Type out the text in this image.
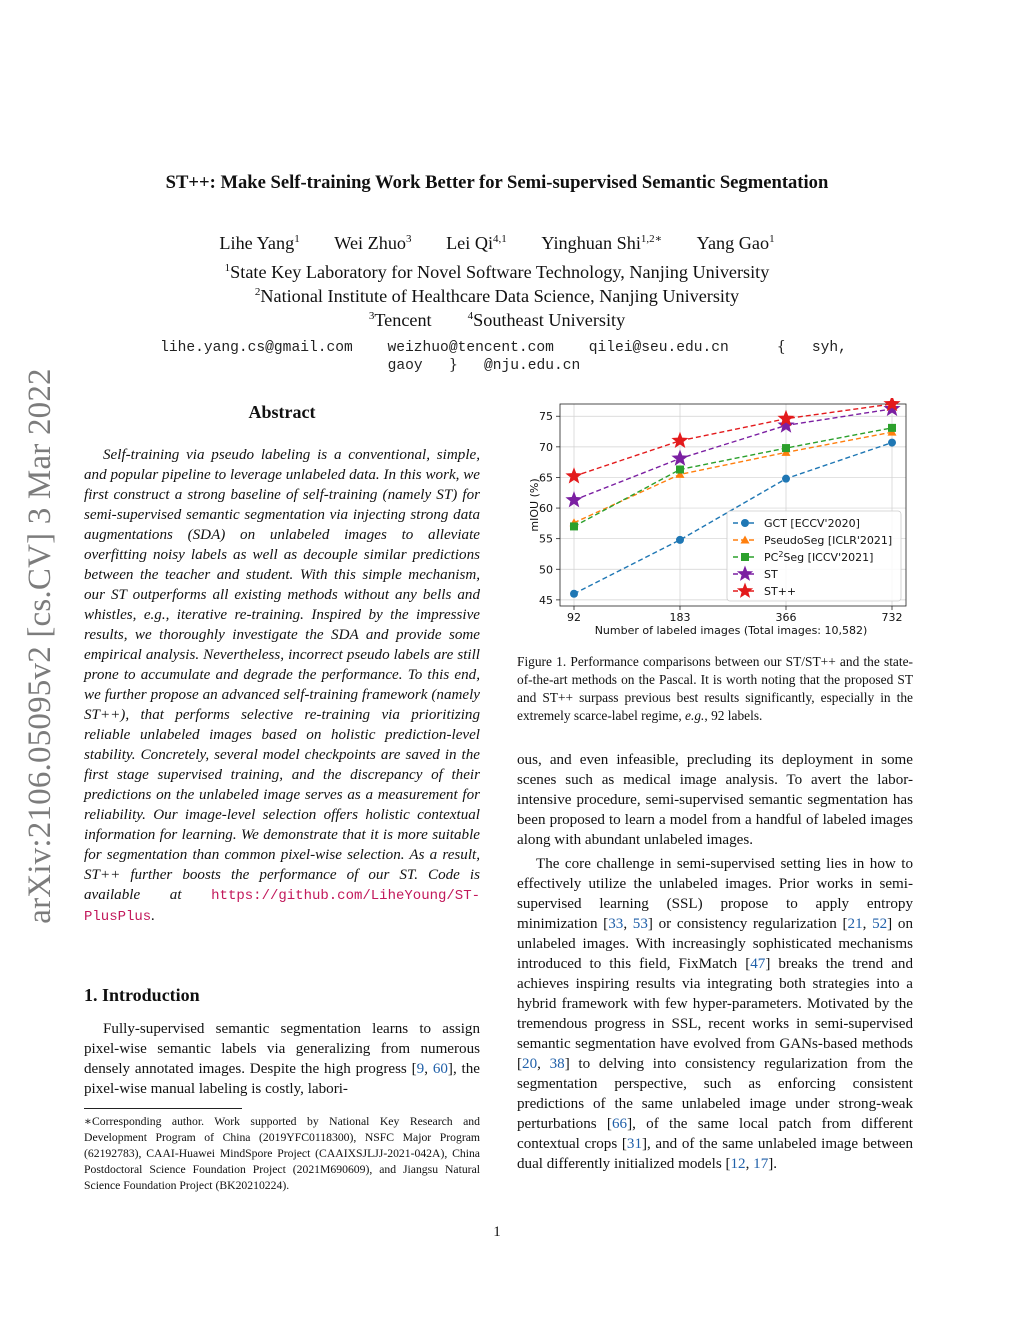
arXiv:2106.05095v2 [cs.CV] 3 Mar 2022
ST++: Make Self-training Work Better for Semi-supervised Semantic Segmentation
Lihe Yang$^1$ Wei Zhuo$^3$ Lei Qi$^{4,1}$ Yinghuan Shi$^{1,2∗}$ Yang Gao$^1$
$^1$State Key Laboratory for Novel Software Technology, Nanjing University
$^2$National Institute of Healthcare Data Science, Nanjing University
$^3$Tencent	$^4$Southeast University
lihe.yang.cs@gmail.com weizhuo@tencent.com qilei@seu.edu.cn	{ syh, gaoy } @nju.edu.cn
Abstract

Self-training via pseudo labeling is a conventional, simple, and popular pipeline to leverage unlabeled data. In this work, we first construct a strong baseline of self-training (namely ST) for semi-supervised semantic segmentation via injecting strong data augmentations (SDA) on unlabeled images to alleviate overfitting noisy labels as well as decouple similar predictions between the teacher and student. With this simple mechanism, our ST outperforms all existing methods without any bells and whistles, e.g., iterative re-training. Inspired by the impressive results, we thoroughly investigate the SDA and provide some empirical analysis. Nevertheless, incorrect pseudo labels are still prone to accumulate and degrade the performance. To this end, we further propose an advanced self-training framework (namely ST++), that performs selective re-training via prioritizing reliable unlabeled images based on holistic prediction-level stability. Concretely, several model checkpoints are saved in the first stage supervised training, and the discrepancy of their predictions on the unlabeled image serves as a measurement for reliability. Our image-level selection offers holistic contextual information for learning. We demonstrate that it is more suitable for segmentation than common pixel-wise selection. As a result, ST++ further boosts the performance of our ST. Code is available at https://github.com/LiheYoung/ST-PlusPlus.

1. Introduction

Fully-supervised semantic segmentation learns to assign pixel-wise semantic labels via generalizing from numerous densely annotated images. Despite the high progress [9, 60], the pixel-wise manual labeling is costly, labori-

∗Corresponding author. Work supported by National Key Research and Development Program of China (2019YFC0118300), NSFC Major Program (62192783), CAAI-Huawei MindSpore Project (CAAIXSJLJJ-2021-042A), China Postdoctoral Science Foundation Project (2021M690609), and Jiangsu Natural Science Foundation Project (BK20210224).
45
50
55
60
65
70
75
92	183	366	732
Number of labeled images (Total images: 10,582)
mIOU (%)	GCT [ECCV'2020]
PseudoSeg [ICLR'2021]
$PC^2Seg$ [ICCV'2021]
ST
ST++
Figure 1. Performance comparisons between our ST/ST++ and the state-of-the-art methods on the Pascal. It is worth noting that the proposed ST and ST++ surpass previous best results significantly, especially in the extremely scarce-label regime, e.g., 92 labels.

ous, and even infeasible, precluding its deployment in some scenes such as medical image analysis. To avert the labor-intensive procedure, semi-supervised semantic segmentation has been proposed to learn a model from a handful of labeled images along with abundant unlabeled images.

The core challenge in semi-supervised setting lies in how to effectively utilize the unlabeled images. Prior works in semi-supervised learning (SSL) propose to apply entropy minimization [33, 53] or consistency regularization [21, 52] on unlabeled images. With increasingly sophisticated mechanisms introduced to this field, FixMatch [47] breaks the trend and achieves inspiring results via integrating both strategies into a hybrid framework with few hyper-parameters. Motivated by the tremendous progress in SSL, recent works in semi-supervised semantic segmentation have evolved from GANs-based methods [20, 38] to delving into consistency regularization from the segmentation perspective, such as enforcing consistent predictions of the same unlabeled image under strong-weak perturbations [66], of the same local patch from different contextual crops [31], and of the same unlabeled image between dual differently initialized models [12, 17].

1
